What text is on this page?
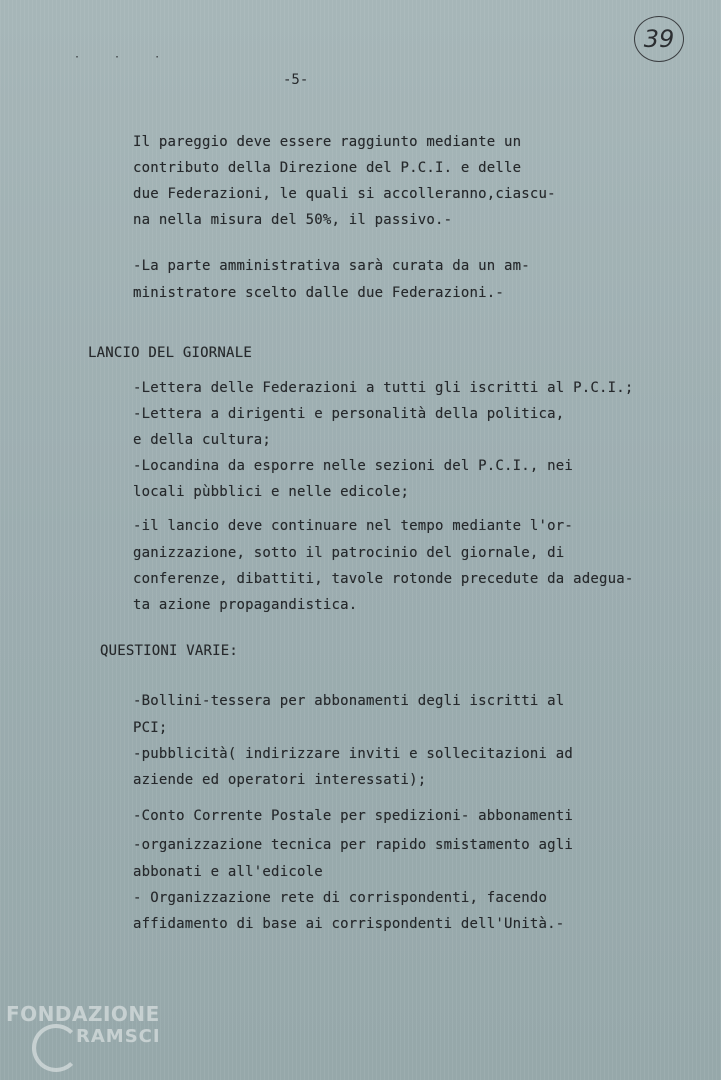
· · ·
-5-
39
Il pareggio deve essere raggiunto mediante un
contributo della Direzione del P.C.I. e delle
due Federazioni, le quali si accolleranno,ciascu-
na nella misura del 50%, il passivo.-
-La parte amministrativa sarà curata da un am-
ministratore scelto dalle due Federazioni.-
LANCIO DEL GIORNALE
-Lettera delle Federazioni a tutti gli iscritti al P.C.I.;
-Lettera a dirigenti e personalità della politica,
e della cultura;
-Locandina da esporre nelle sezioni del P.C.I., nei
locali pùbblici e nelle edicole;
-il lancio deve continuare nel tempo mediante l'or-
ganizzazione, sotto il patrocinio del giornale, di
conferenze, dibattiti, tavole rotonde precedute da adegua-
ta azione propagandistica.
QUESTIONI VARIE:
-Bollini-tessera per abbonamenti degli iscritti al
PCI;
-pubblicità( indirizzare inviti e sollecitazioni ad
aziende ed operatori interessati);
-Conto Corrente Postale per spedizioni- abbonamenti
-organizzazione tecnica per rapido smistamento agli
abbonati e all'edicole
- Organizzazione rete di corrispondenti, facendo
affidamento di base ai corrispondenti dell'Unità.-
FONDAZIONE
RAMSCI
